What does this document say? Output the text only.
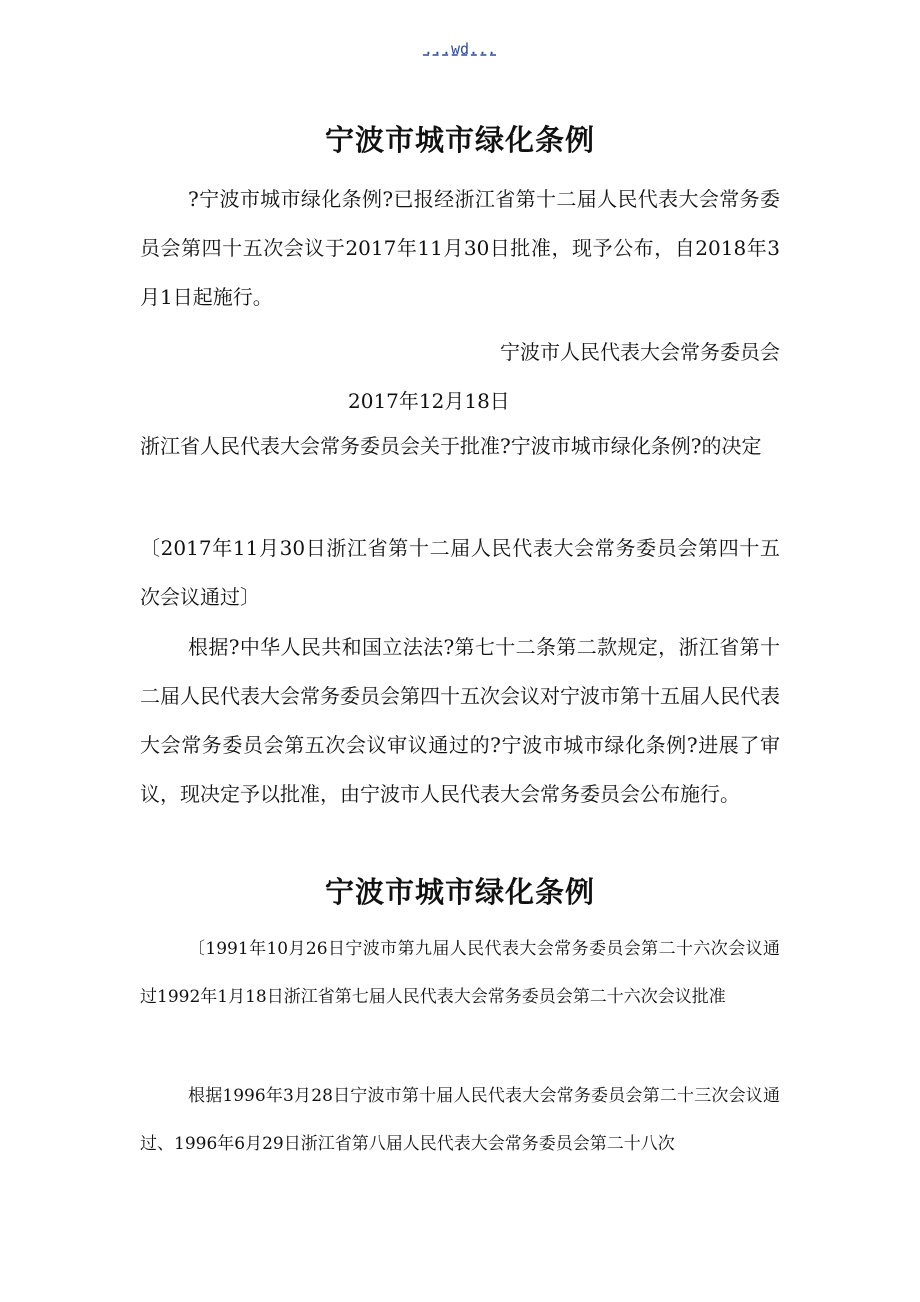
...wd...
宁波市城市绿化条例

?宁波市城市绿化条例?已报经浙江省第十二届人民代表大会常务委员会第四十五次会议于2017年11月30日批准，现予公布，自2018年3月1日起施行。

宁波市人民代表大会常务委员会

2017年12月18日

浙江省人民代表大会常务委员会关于批准?宁波市城市绿化条例?的决定

〔2017年11月30日浙江省第十二届人民代表大会常务委员会第四十五次会议通过〕

根据?中华人民共和国立法法?第七十二条第二款规定，浙江省第十二届人民代表大会常务委员会第四十五次会议对宁波市第十五届人民代表大会常务委员会第五次会议审议通过的?宁波市城市绿化条例?进展了审议，现决定予以批准，由宁波市人民代表大会常务委员会公布施行。

宁波市城市绿化条例

〔1991年10月26日宁波市第九届人民代表大会常务委员会第二十六次会议通过1992年1月18日浙江省第七届人民代表大会常务委员会第二十六次会议批准

根据1996年3月28日宁波市第十届人民代表大会常务委员会第二十三次会议通过、1996年6月29日浙江省第八届人民代表大会常务委员会第二十八次
